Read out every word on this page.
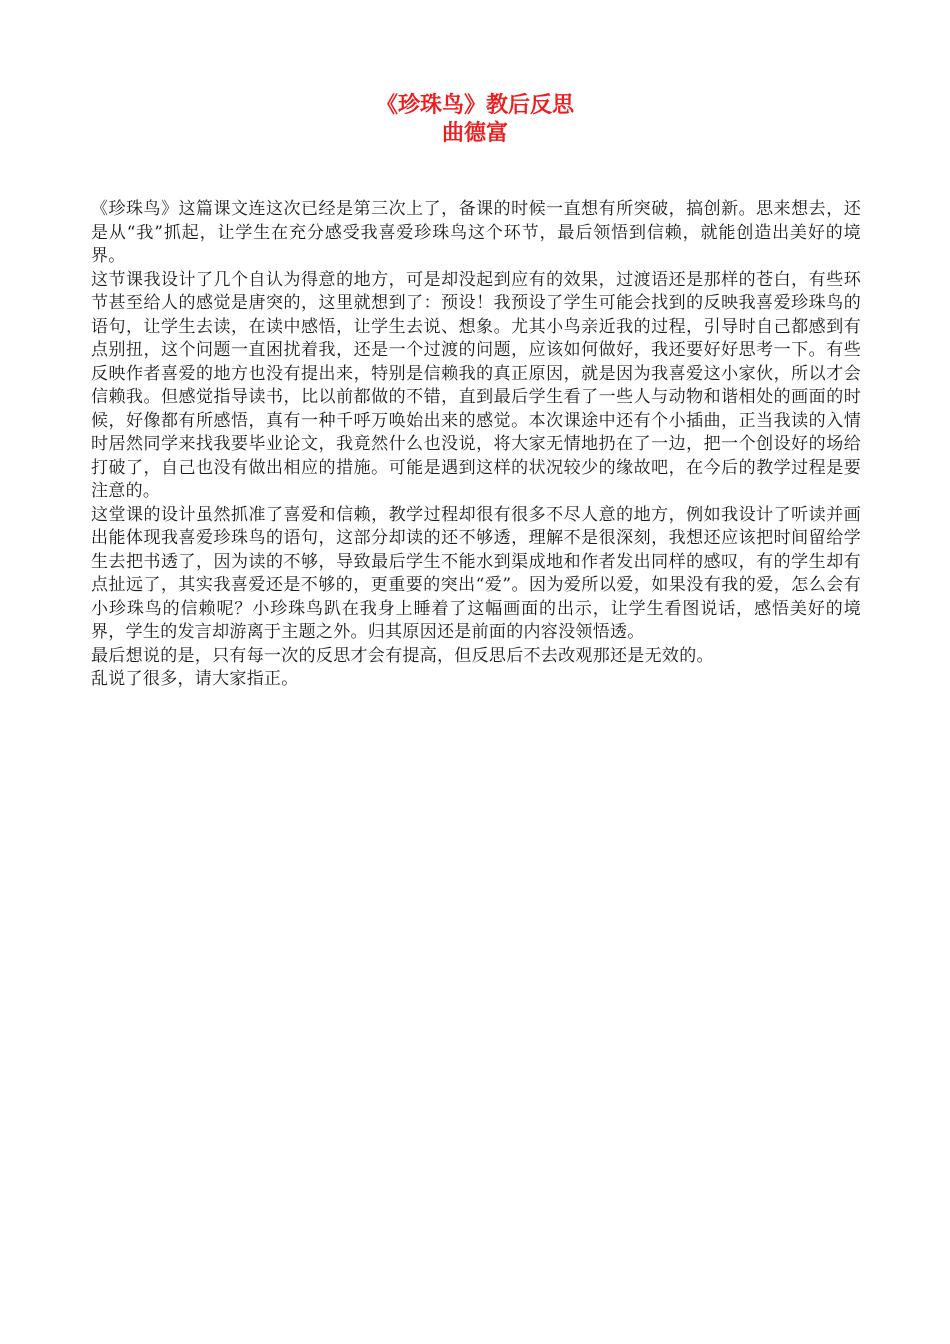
《珍珠鸟》教后反思
曲德富

《珍珠鸟》这篇课文连这次已经是第三次上了，备课的时候一直想有所突破，搞创新。思来想去，还是从“我”抓起，让学生在充分感受我喜爱珍珠鸟这个环节，最后领悟到信赖，就能创造出美好的境界。

这节课我设计了几个自认为得意的地方，可是却没起到应有的效果，过渡语还是那样的苍白，有些环节甚至给人的感觉是唐突的，这里就想到了：预设！我预设了学生可能会找到的反映我喜爱珍珠鸟的语句，让学生去读，在读中感悟，让学生去说、想象。尤其小鸟亲近我的过程，引导时自己都感到有点别扭，这个问题一直困扰着我，还是一个过渡的问题，应该如何做好，我还要好好思考一下。有些反映作者喜爱的地方也没有提出来，特别是信赖我的真正原因，就是因为我喜爱这小家伙，所以才会信赖我。但感觉指导读书，比以前都做的不错，直到最后学生看了一些人与动物和谐相处的画面的时候，好像都有所感悟，真有一种千呼万唤始出来的感觉。本次课途中还有个小插曲，正当我读的入情时居然同学来找我要毕业论文，我竟然什么也没说，将大家无情地扔在了一边，把一个创设好的场给打破了，自己也没有做出相应的措施。可能是遇到这样的状况较少的缘故吧，在今后的教学过程是要注意的。

这堂课的设计虽然抓准了喜爱和信赖，教学过程却很有很多不尽人意的地方，例如我设计了听读并画出能体现我喜爱珍珠鸟的语句，这部分却读的还不够透，理解不是很深刻，我想还应该把时间留给学生去把书透了，因为读的不够，导致最后学生不能水到渠成地和作者发出同样的感叹，有的学生却有点扯远了，其实我喜爱还是不够的，更重要的突出“爱”。因为爱所以爱，如果没有我的爱，怎么会有小珍珠鸟的信赖呢？小珍珠鸟趴在我身上睡着了这幅画面的出示，让学生看图说话，感悟美好的境界，学生的发言却游离于主题之外。归其原因还是前面的内容没领悟透。

最后想说的是，只有每一次的反思才会有提高，但反思后不去改观那还是无效的。

乱说了很多，请大家指正。
